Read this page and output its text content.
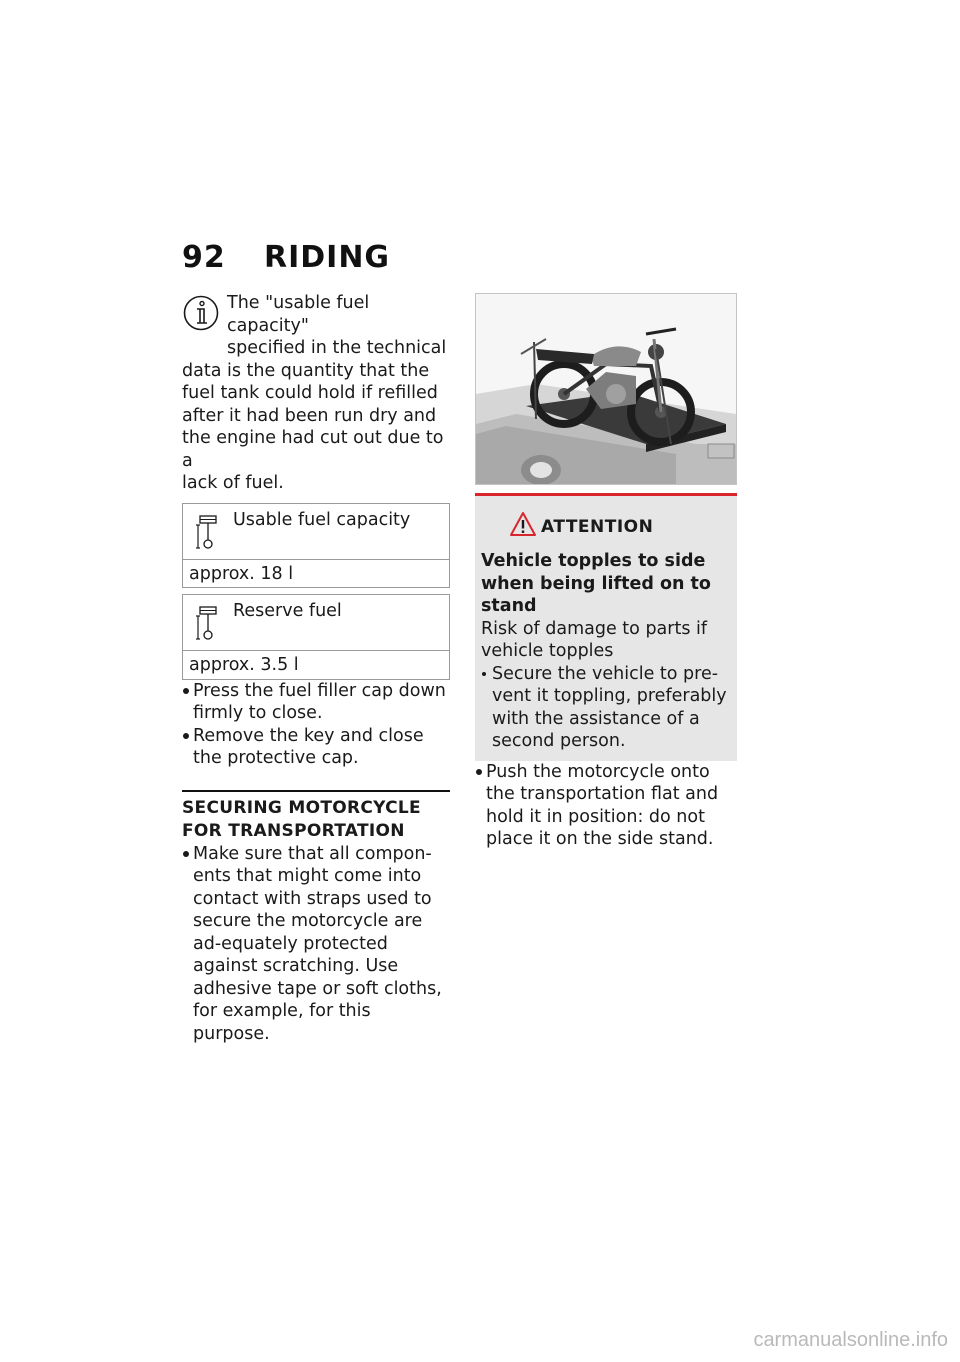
92 RIDING
The "usable fuel capacity"
specified in the technical
data is the quantity that the
fuel tank could hold if refilled
after it had been run dry and
the engine had cut out due to a
lack of fuel.
Usable fuel capacity
approx. 18 l
Reserve fuel
approx. 3.5 l
Press the fuel filler cap down firmly to close.
Remove the key and close the protective cap.
SECURING MOTORCYCLE
FOR TRANSPORTATION
Make sure that all compon-ents that might come into contact with straps used to secure the motorcycle are ad-equately protected against scratching. Use adhesive tape or soft cloths, for example, for this purpose.
ATTENTION
Vehicle topples to side when being lifted on to stand
Risk of damage to parts if vehicle topples
Secure the vehicle to pre-vent it toppling, preferably with the assistance of a second person.
Push the motorcycle onto the transportation flat and hold it in position: do not place it on the side stand.
carmanualsonline.info
